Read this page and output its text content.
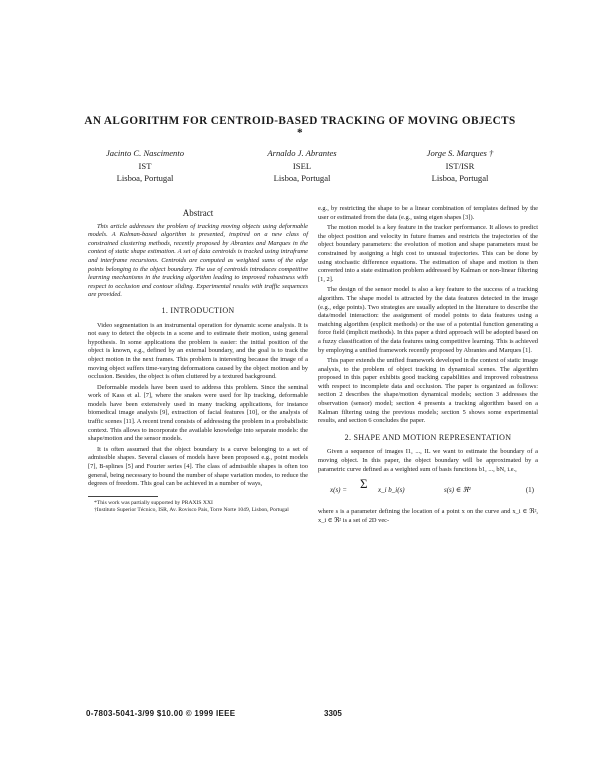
AN ALGORITHM FOR CENTROID-BASED TRACKING OF MOVING OBJECTS *
Jacinto C. Nascimento
IST
Lisboa, Portugal
Arnaldo J. Abrantes
ISEL
Lisboa, Portugal
Jorge S. Marques †
IST/ISR
Lisboa, Portugal
Abstract

This article addresses the problem of tracking moving objects using deformable models. A Kalman-based algorithm is presented, inspired on a new class of constrained clustering methods, recently proposed by Abrantes and Marques in the context of static shape estimation. A set of data centroids is tracked using intraframe and interframe recursions. Centroids are computed as weighted sums of the edge points belonging to the object boundary. The use of centroids introduces competitive learning mechanisms in the tracking algorithm leading to improved robustness with respect to occlusion and contour sliding. Experimental results with traffic sequences are provided.

1. INTRODUCTION

Video segmentation is an instrumental operation for dynamic scene analysis. It is not easy to detect the objects in a scene and to estimate their motion, using general hypothesis. In some applications the problem is easier: the initial position of the object is known, e.g., defined by an external boundary, and the goal is to track the object motion in the next frames. This problem is interesting because the image of a moving object suffers time-varying deformations caused by the object motion and by occlusion. Besides, the object is often cluttered by a textured background.

Deformable models have been used to address this problem. Since the seminal work of Kass et al. [7], where the snakes were used for lip tracking, deformable models have been extensively used in many tracking applications, for instance biomedical image analysis [9], extraction of facial features [10], or the analysis of traffic scenes [11]. A recent trend consists of addressing the problem in a probabilistic context. This allows to incorporate the available knowledge into separate models: the shape/motion and the sensor models.

It is often assumed that the object boundary is a curve belonging to a set of admissible shapes. Several classes of models have been proposed e.g., point models [7], B-splines [5] and Fourier series [4]. The class of admissible shapes is often too general, being necessary to bound the number of shape variation modes, to reduce the degrees of freedom. This goal can be achieved in a number of ways,

*This work was partially supported by PRAXIS XXI

†Instituto Superior Técnico, ISR, Av. Rovisco Pais, Torre Norte 1049, Lisbon, Portugal

e.g., by restricting the shape to be a linear combination of templates defined by the user or estimated from the data (e.g., using eigen shapes [3]).

The motion model is a key feature in the tracker performance. It allows to predict the object position and velocity in future frames and restricts the trajectories of the object boundary parameters: the evolution of motion and shape parameters must be constrained by assigning a high cost to unusual trajectories. This can be done by using stochastic difference equations. The estimation of shape and motion is then converted into a state estimation problem addressed by Kalman or non-linear filtering [1, 2].

The design of the sensor model is also a key feature to the success of a tracking algorithm. The shape model is attracted by the data features detected in the image (e.g., edge points). Two strategies are usually adopted in the literature to describe the data/model interaction: the assignment of model points to data features using a matching algorithm (explicit methods) or the use of a potential function generating a force field (implicit methods). In this paper a third approach will be adopted based on a fuzzy classification of the data features using competitive learning. This is achieved by employing a unified framework recently proposed by Abrantes and Marques [1].

This paper extends the unified framework developed in the context of static image analysis, to the problem of object tracking in dynamical scenes. The algorithm proposed in this paper exhibits good tracking capabilities and improved robustness with respect to incomplete data and occlusion. The paper is organized as follows: section 2 describes the shape/motion dynamical models; section 3 addresses the observation (sensor) model; section 4 presents a tracking algorithm based on a Kalman filtering using the previous models; section 5 shows some experimental results, and section 6 concludes the paper.

2. SHAPE AND MOTION REPRESENTATION

Given a sequence of images I1, ..., IL we want to estimate the boundary of a moving object. In this paper, the object boundary will be approximated by a parametric curve defined as a weighted sum of basis functions b1, ..., bN, i.e.,

x(s) = Σ x_i b_i(s)	s(s) ∈ ℜ²	(1)

where s is a parameter defining the location of a point x on the curve and x_i ∈ ℜ², x_i ∈ ℜ² is a set of 2D vec-

0-7803-5041-3/99 $10.00 © 1999 IEEE	3305
